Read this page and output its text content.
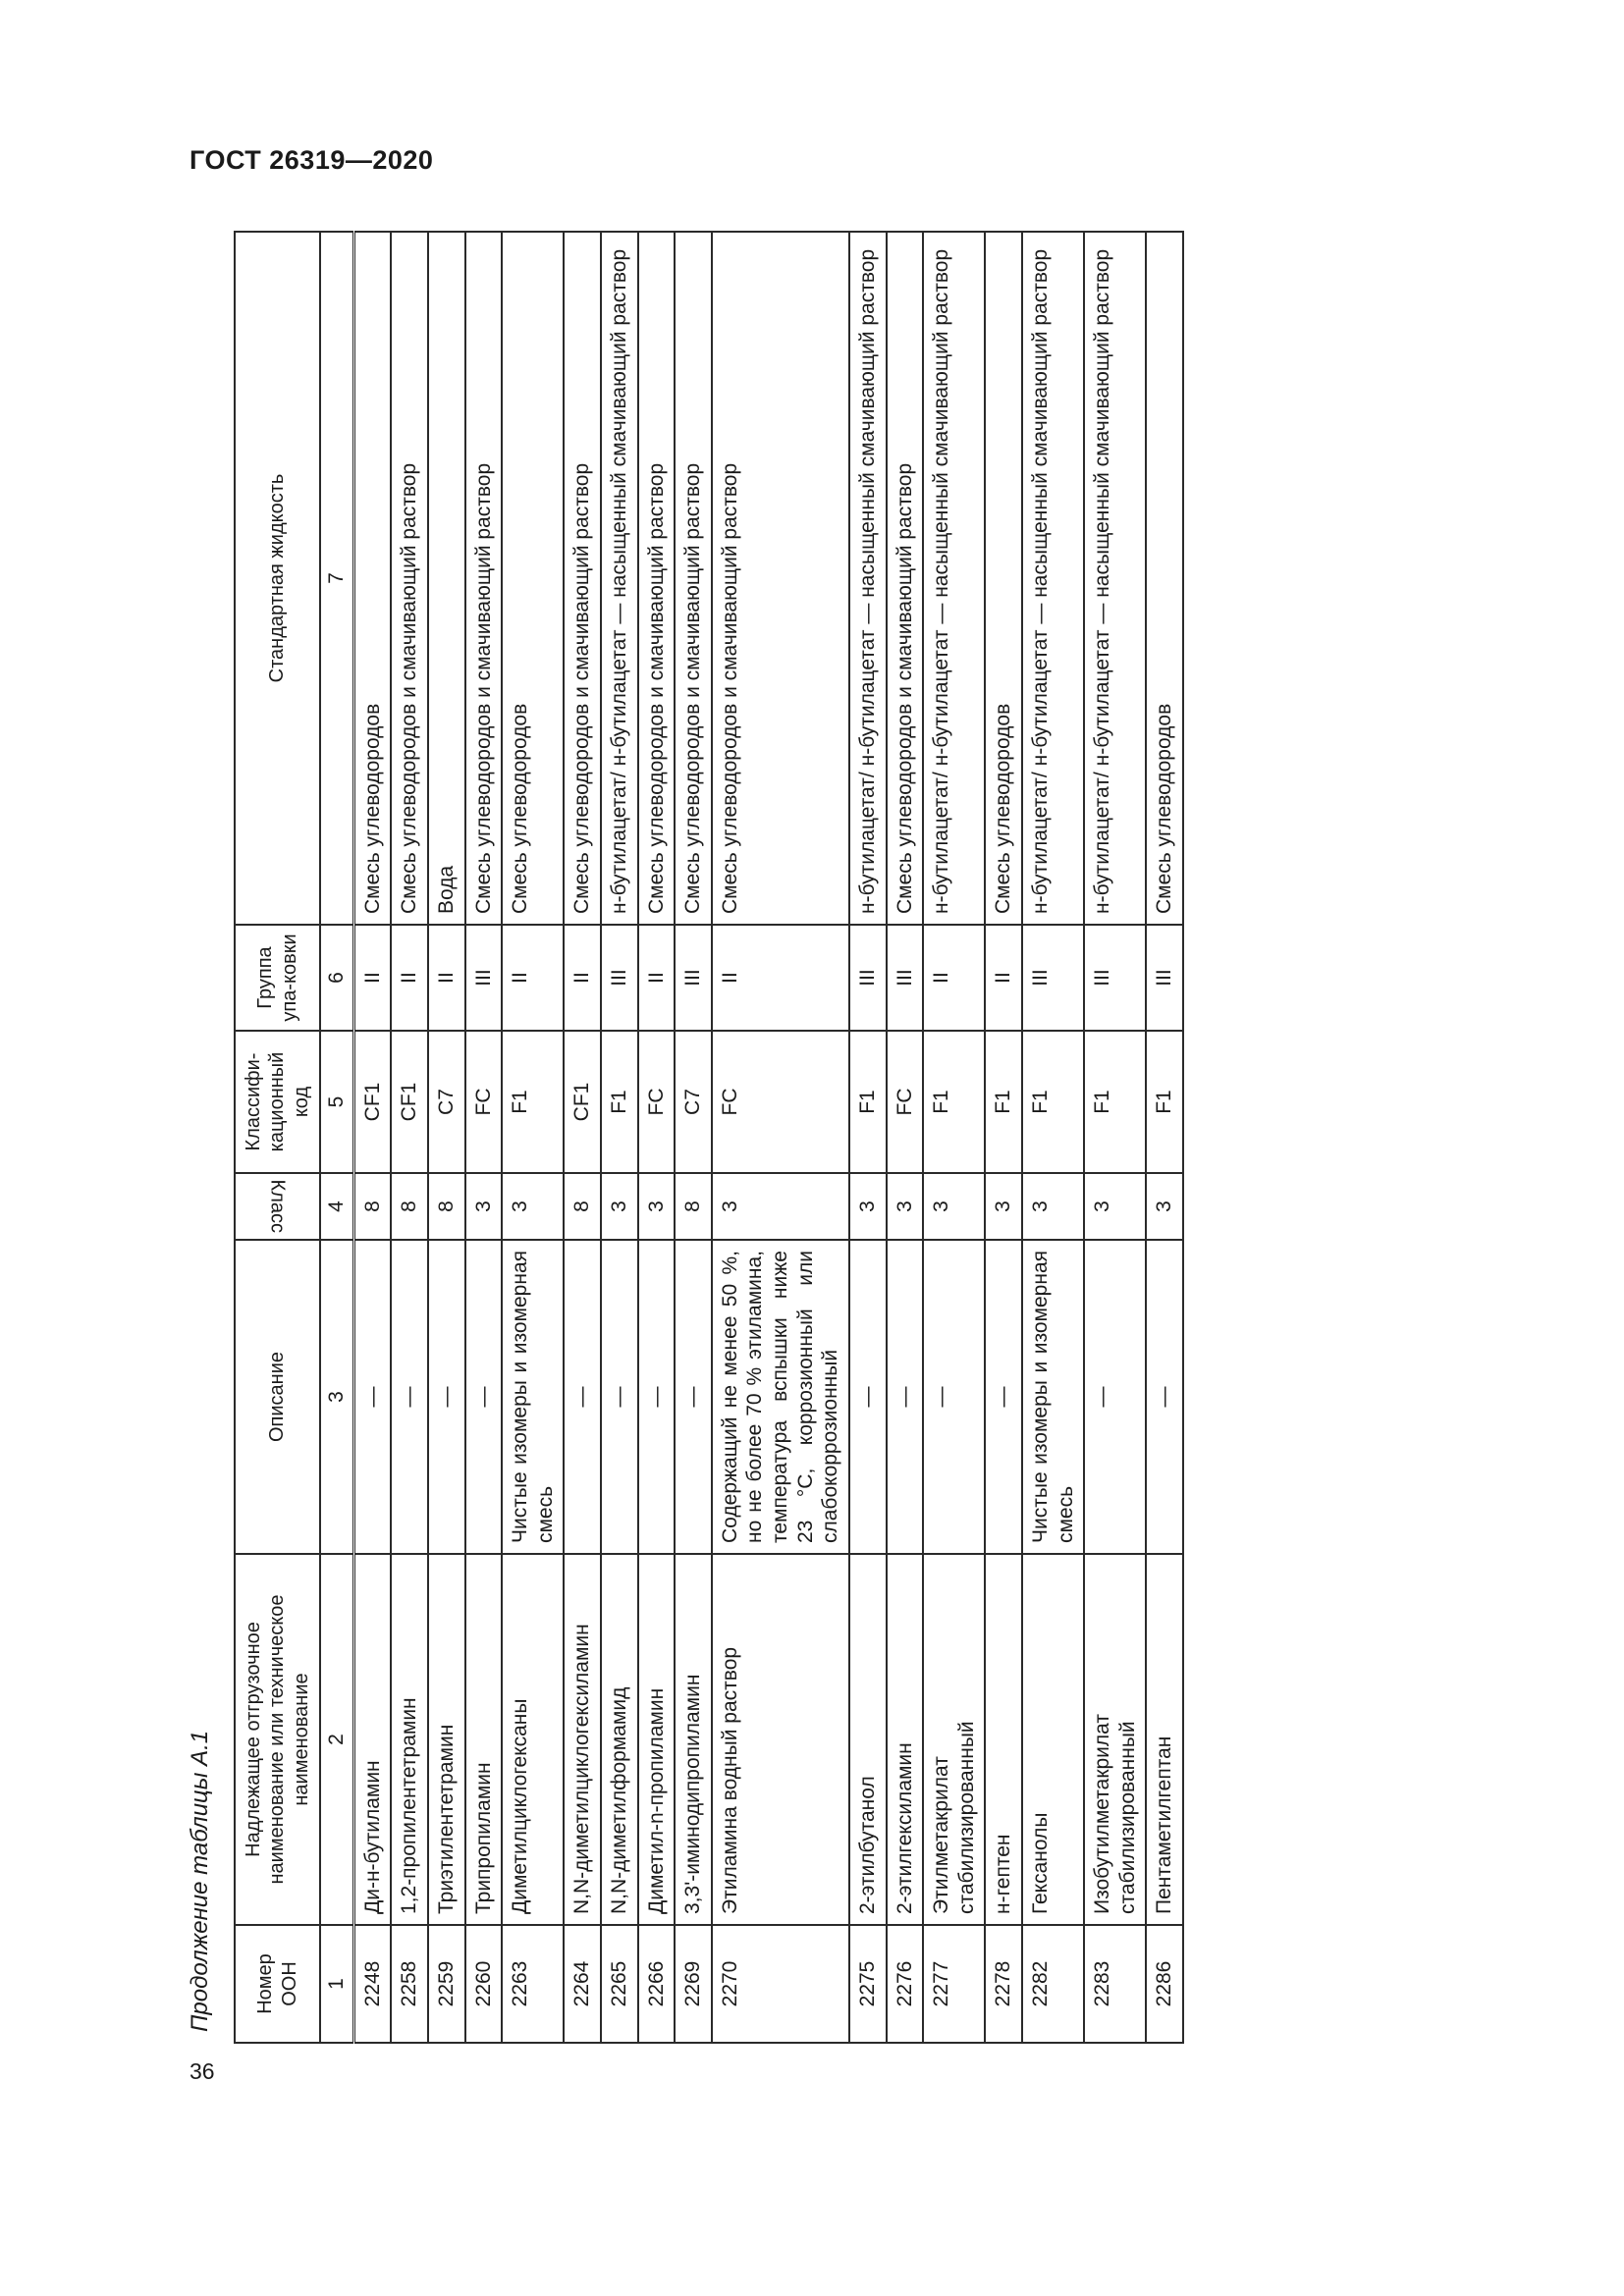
ГОСТ 26319—2020
Продолжение таблицы А.1
36
Номер ООН	Надлежащее отгрузочное наименование или техническое наименование	Описание	Класс	Классифи-кационный код	Группа упа-ковки	Стандартная жидкость
1	2	3	4	5	6	7
2248	Ди-н-бутиламин	—	8	CF1	II	Смесь углеводородов
2258	1,2-пропилентетрамин	—	8	CF1	II	Смесь углеводородов и смачивающий раствор
2259	Триэтилентетрамин	—	8	C7	II	Вода
2260	Трипропиламин	—	3	FC	III	Смесь углеводородов и смачивающий раствор
2263	Диметилциклогексаны	Чистые изомеры и изомерная смесь	3	F1	II	Смесь углеводородов
2264	N,N-диметилциклогексиламин	—	8	CF1	II	Смесь углеводородов и смачивающий раствор
2265	N,N-диметилформамид	—	3	F1	III	н-бутилацетат/ н-бутилацетат — насыщенный смачивающий раствор
2266	Диметил-n-пропиламин	—	3	FC	II	Смесь углеводородов и смачивающий раствор
2269	3,3'-иминодипропиламин	—	8	C7	III	Смесь углеводородов и смачивающий раствор
2270	Этиламина водный раствор	Содержащий не менее 50 %, но не более 70 % этиламина, температура вспышки ниже 23 °С, коррозионный или слабокоррозионный	3	FC	II	Смесь углеводородов и смачивающий раствор
2275	2-этилбутанол	—	3	F1	III	н-бутилацетат/ н-бутилацетат — насыщенный смачивающий раствор
2276	2-этилгексиламин	—	3	FC	III	Смесь углеводородов и смачивающий раствор
2277	Этилметакрилат стабилизированный	—	3	F1	II	н-бутилацетат/ н-бутилацетат — насыщенный смачивающий раствор
2278	н-гептен	—	3	F1	II	Смесь углеводородов
2282	Гексанолы	Чистые изомеры и изомерная смесь	3	F1	III	н-бутилацетат/ н-бутилацетат — насыщенный смачивающий раствор
2283	Изобутилметакрилат стабилизированный	—	3	F1	III	н-бутилацетат/ н-бутилацетат — насыщенный смачивающий раствор
2286	Пентаметилгептан	—	3	F1	III	Смесь углеводородов
